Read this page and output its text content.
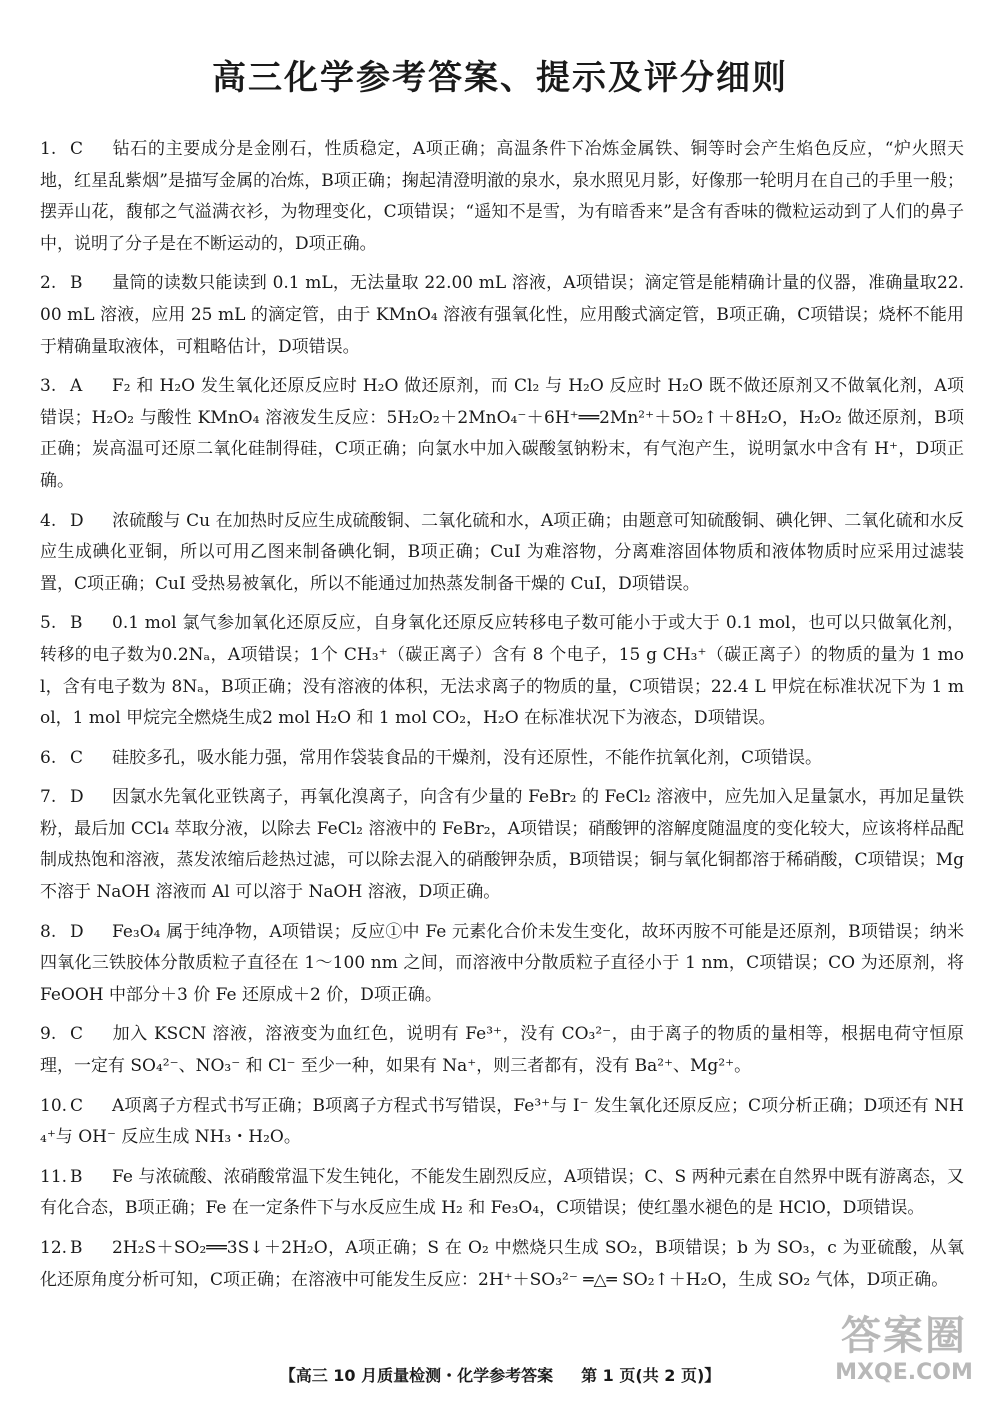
高三化学参考答案、提示及评分细则
1. C 钻石的主要成分是金刚石，性质稳定，A项正确；高温条件下冶炼金属铁、铜等时会产生焰色反应，“炉火照天地，红星乱紫烟”是描写金属的冶炼，B项正确；掬起清澄明澈的泉水，泉水照见月影，好像那一轮明月在自己的手里一般；摆弄山花，馥郁之气溢满衣衫，为物理变化，C项错误；“遥知不是雪，为有暗香来”是含有香味的微粒运动到了人们的鼻子中，说明了分子是在不断运动的，D项正确。
2. B 量筒的读数只能读到 0.1 mL，无法量取 22.00 mL 溶液，A项错误；滴定管是能精确计量的仪器，准确量取22.00 mL 溶液，应用 25 mL 的滴定管，由于 KMnO₄ 溶液有强氧化性，应用酸式滴定管，B项正确，C项错误；烧杯不能用于精确量取液体，可粗略估计，D项错误。
3. A F₂ 和 H₂O 发生氧化还原反应时 H₂O 做还原剂，而 Cl₂ 与 H₂O 反应时 H₂O 既不做还原剂又不做氧化剂，A项错误；H₂O₂ 与酸性 KMnO₄ 溶液发生反应：5H₂O₂＋2MnO₄⁻＋6H⁺══2Mn²⁺＋5O₂↑＋8H₂O，H₂O₂ 做还原剂，B项正确；炭高温可还原二氧化硅制得硅，C项正确；向氯水中加入碳酸氢钠粉末，有气泡产生，说明氯水中含有 H⁺，D项正确。
4. D 浓硫酸与 Cu 在加热时反应生成硫酸铜、二氧化硫和水，A项正确；由题意可知硫酸铜、碘化钾、二氧化硫和水反应生成碘化亚铜，所以可用乙图来制备碘化铜，B项正确；CuI 为难溶物，分离难溶固体物质和液体物质时应采用过滤装置，C项正确；CuI 受热易被氧化，所以不能通过加热蒸发制备干燥的 CuI，D项错误。
5. B 0.1 mol 氯气参加氧化还原反应，自身氧化还原反应转移电子数可能小于或大于 0.1 mol，也可以只做氧化剂，转移的电子数为0.2Nₐ，A项错误；1个 CH₃⁺（碳正离子）含有 8 个电子，15 g CH₃⁺（碳正离子）的物质的量为 1 mol，含有电子数为 8Nₐ，B项正确；没有溶液的体积，无法求离子的物质的量，C项错误；22.4 L 甲烷在标准状况下为 1 mol，1 mol 甲烷完全燃烧生成2 mol H₂O 和 1 mol CO₂，H₂O 在标准状况下为液态，D项错误。
6. C 硅胶多孔，吸水能力强，常用作袋装食品的干燥剂，没有还原性，不能作抗氧化剂，C项错误。
7. D 因氯水先氧化亚铁离子，再氧化溴离子，向含有少量的 FeBr₂ 的 FeCl₂ 溶液中，应先加入足量氯水，再加足量铁粉，最后加 CCl₄ 萃取分液，以除去 FeCl₂ 溶液中的 FeBr₂，A项错误；硝酸钾的溶解度随温度的变化较大，应该将样品配制成热饱和溶液，蒸发浓缩后趁热过滤，可以除去混入的硝酸钾杂质，B项错误；铜与氧化铜都溶于稀硝酸，C项错误；Mg 不溶于 NaOH 溶液而 Al 可以溶于 NaOH 溶液，D项正确。
8. D Fe₃O₄ 属于纯净物，A项错误；反应①中 Fe 元素化合价未发生变化，故环丙胺不可能是还原剂，B项错误；纳米四氧化三铁胶体分散质粒子直径在 1～100 nm 之间，而溶液中分散质粒子直径小于 1 nm，C项错误；CO 为还原剂，将 FeOOH 中部分＋3 价 Fe 还原成＋2 价，D项正确。
9. C 加入 KSCN 溶液，溶液变为血红色，说明有 Fe³⁺，没有 CO₃²⁻，由于离子的物质的量相等，根据电荷守恒原理，一定有 SO₄²⁻、NO₃⁻ 和 Cl⁻ 至少一种，如果有 Na⁺，则三者都有，没有 Ba²⁺、Mg²⁺。
10. C A项离子方程式书写正确；B项离子方程式书写错误，Fe³⁺与 I⁻ 发生氧化还原反应；C项分析正确；D项还有 NH₄⁺与 OH⁻ 反应生成 NH₃・H₂O。
11. B Fe 与浓硫酸、浓硝酸常温下发生钝化，不能发生剧烈反应，A项错误；C、S 两种元素在自然界中既有游离态，又有化合态，B项正确；Fe 在一定条件下与水反应生成 H₂ 和 Fe₃O₄，C项错误；使红墨水褪色的是 HClO，D项错误。
12. B 2H₂S＋SO₂══3S↓＋2H₂O，A项正确；S 在 O₂ 中燃烧只生成 SO₂，B项错误；b 为 SO₃，c 为亚硫酸，从氧化还原角度分析可知，C项正确；在溶液中可能发生反应：2H⁺＋SO₃²⁻ ═△═ SO₂↑＋H₂O，生成 SO₂ 气体，D项正确。
答案圈
MXQE.COM
【高三 10 月质量检测・化学参考答案 第 1 页(共 2 页)】
